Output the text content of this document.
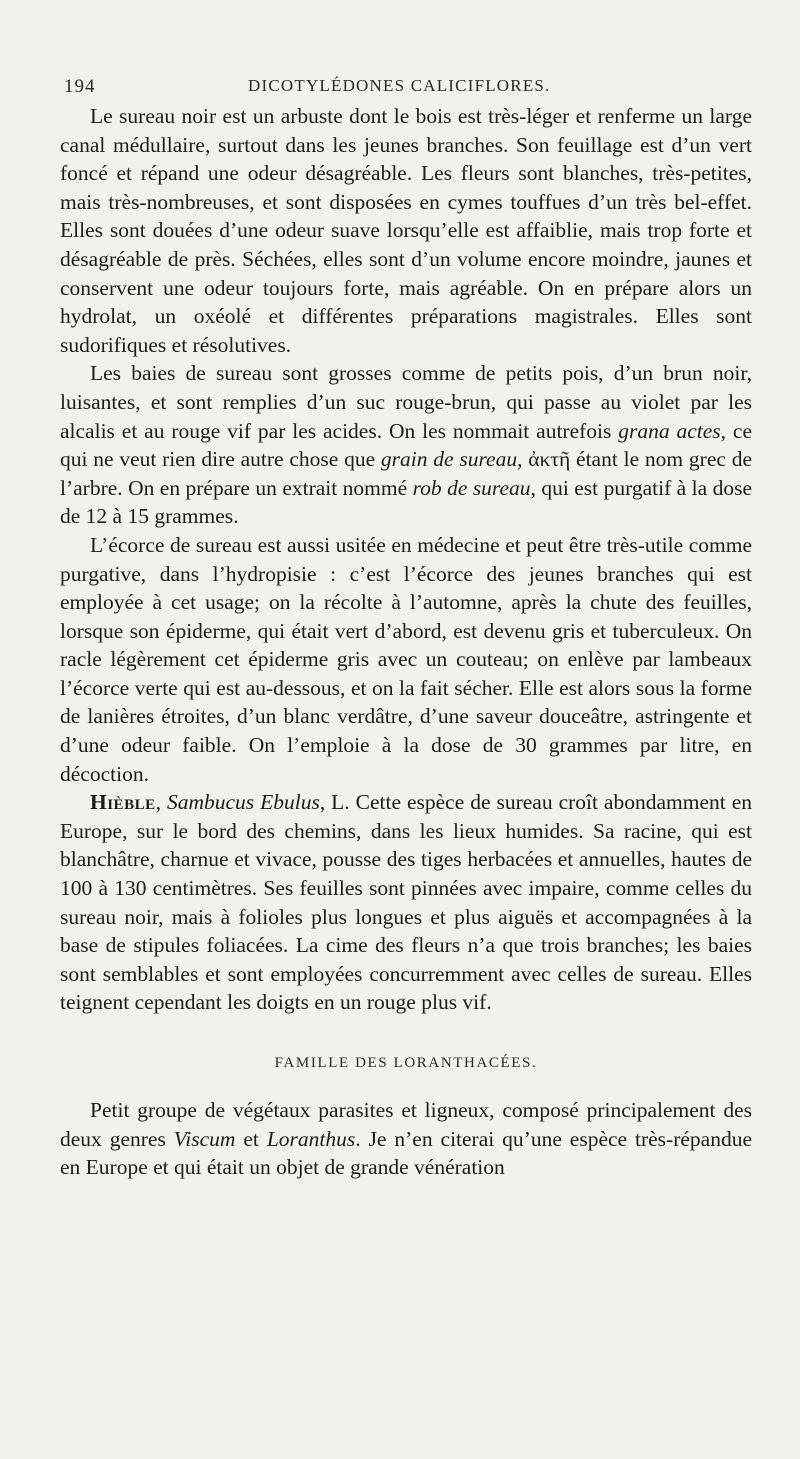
194	DICOTYLÉDONES CALICIFLORES.

Le sureau noir est un arbuste dont le bois est très-léger et renferme un large canal médullaire, surtout dans les jeunes branches. Son feuillage est d’un vert foncé et répand une odeur désagréable. Les fleurs sont blanches, très-petites, mais très-nombreuses, et sont disposées en cymes touffues d’un très bel-effet. Elles sont douées d’une odeur suave lorsqu’elle est affaiblie, mais trop forte et désagréable de près. Séchées, elles sont d’un volume encore moindre, jaunes et conservent une odeur toujours forte, mais agréable. On en prépare alors un hydrolat, un oxéolé et différentes préparations magistrales. Elles sont sudorifiques et résolutives.

Les baies de sureau sont grosses comme de petits pois, d’un brun noir, luisantes, et sont remplies d’un suc rouge-brun, qui passe au violet par les alcalis et au rouge vif par les acides. On les nommait autrefois grana actes, ce qui ne veut rien dire autre chose que grain de sureau, ἀκτῆ étant le nom grec de l’arbre. On en prépare un extrait nommé rob de sureau, qui est purgatif à la dose de 12 à 15 grammes.

L’écorce de sureau est aussi usitée en médecine et peut être très-utile comme purgative, dans l’hydropisie : c’est l’écorce des jeunes branches qui est employée à cet usage; on la récolte à l’automne, après la chute des feuilles, lorsque son épiderme, qui était vert d’abord, est devenu gris et tuberculeux. On racle légèrement cet épiderme gris avec un couteau; on enlève par lambeaux l’écorce verte qui est au-dessous, et on la fait sécher. Elle est alors sous la forme de lanières étroites, d’un blanc verdâtre, d’une saveur douceâtre, astringente et d’une odeur faible. On l’emploie à la dose de 30 grammes par litre, en décoction.

Hièble, Sambucus Ebulus, L. Cette espèce de sureau croît abondamment en Europe, sur le bord des chemins, dans les lieux humides. Sa racine, qui est blanchâtre, charnue et vivace, pousse des tiges herbacées et annuelles, hautes de 100 à 130 centimètres. Ses feuilles sont pinnées avec impaire, comme celles du sureau noir, mais à folioles plus longues et plus aiguës et accompagnées à la base de stipules foliacées. La cime des fleurs n’a que trois branches; les baies sont semblables et sont employées concurremment avec celles de sureau. Elles teignent cependant les doigts en un rouge plus vif.

FAMILLE DES LORANTHACÉES.

Petit groupe de végétaux parasites et ligneux, composé principalement des deux genres Viscum et Loranthus. Je n’en citerai qu’une espèce très-répandue en Europe et qui était un objet de grande vénération
